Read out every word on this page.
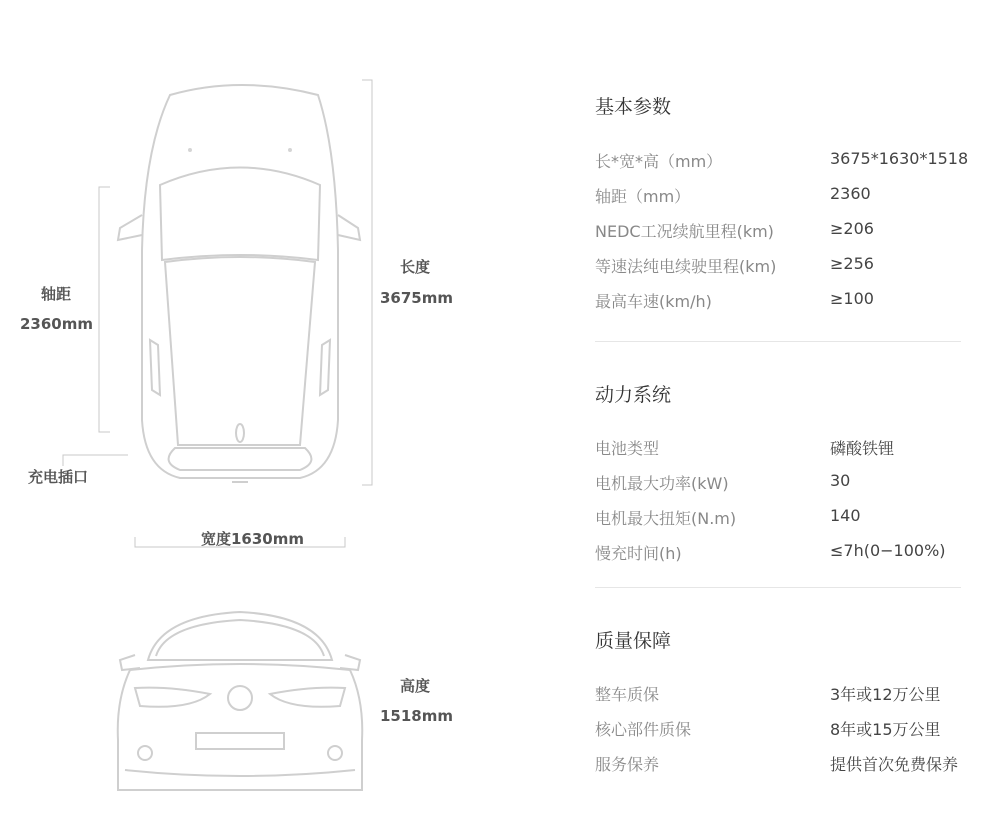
长度
3675mm
轴距
2360mm
充电插口
宽度1630mm
高度
1518mm
基本参数
长*宽*高（mm）	3675*1630*1518
轴距（mm）	2360
NEDC工况续航里程(km)	≥206
等速法纯电续驶里程(km)	≥256
最高车速(km/h)	≥100
动力系统
电池类型	磷酸铁锂
电机最大功率(kW)	30
电机最大扭矩(N.m)	140
慢充时间(h)	≤7h(0−100%)
质量保障
整车质保	3年或12万公里
核心部件质保	8年或15万公里
服务保养	提供首次免费保养
